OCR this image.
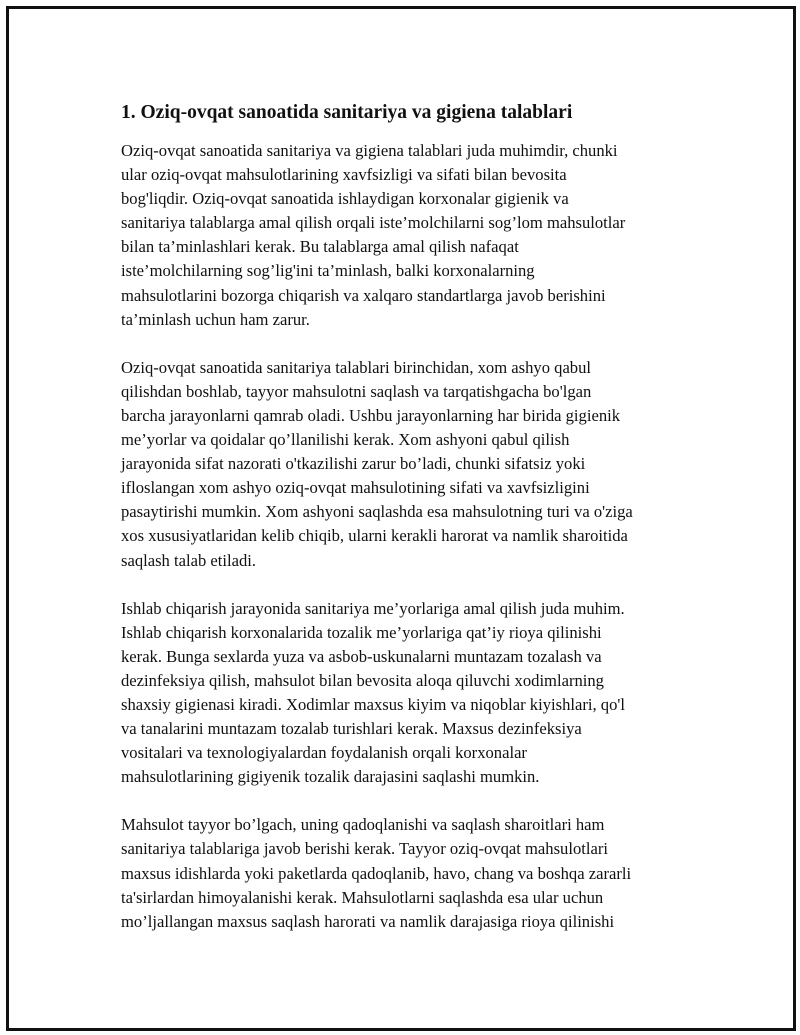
1. Oziq-ovqat sanoatida sanitariya va gigiena talablari

Oziq-ovqat sanoatida sanitariya va gigiena talablari juda muhimdir, chunki
ular oziq-ovqat mahsulotlarining xavfsizligi va sifati bilan bevosita
bog'liqdir. Oziq-ovqat sanoatida ishlaydigan korxonalar gigienik va
sanitariya talablarga amal qilish orqali iste’molchilarni sog’lom mahsulotlar
bilan ta’minlashlari kerak. Bu talablarga amal qilish nafaqat
iste’molchilarning sog’lig'ini ta’minlash, balki korxonalarning
mahsulotlarini bozorga chiqarish va xalqaro standartlarga javob berishini
ta’minlash uchun ham zarur.

Oziq-ovqat sanoatida sanitariya talablari birinchidan, xom ashyo qabul
qilishdan boshlab, tayyor mahsulotni saqlash va tarqatishgacha bo'lgan
barcha jarayonlarni qamrab oladi. Ushbu jarayonlarning har birida gigienik
me’yorlar va qoidalar qo’llanilishi kerak. Xom ashyoni qabul qilish
jarayonida sifat nazorati o'tkazilishi zarur bo’ladi, chunki sifatsiz yoki
ifloslangan xom ashyo oziq-ovqat mahsulotining sifati va xavfsizligini
pasaytirishi mumkin. Xom ashyoni saqlashda esa mahsulotning turi va o'ziga
xos xususiyatlaridan kelib chiqib, ularni kerakli harorat va namlik sharoitida
saqlash talab etiladi.

Ishlab chiqarish jarayonida sanitariya me’yorlariga amal qilish juda muhim.
Ishlab chiqarish korxonalarida tozalik me’yorlariga qat’iy rioya qilinishi
kerak. Bunga sexlarda yuza va asbob-uskunalarni muntazam tozalash va
dezinfeksiya qilish, mahsulot bilan bevosita aloqa qiluvchi xodimlarning
shaxsiy gigienasi kiradi. Xodimlar maxsus kiyim va niqoblar kiyishlari, qo'l
va tanalarini muntazam tozalab turishlari kerak. Maxsus dezinfeksiya
vositalari va texnologiyalardan foydalanish orqali korxonalar
mahsulotlarining gigiyenik tozalik darajasini saqlashi mumkin.

Mahsulot tayyor bo’lgach, uning qadoqlanishi va saqlash sharoitlari ham
sanitariya talablariga javob berishi kerak. Tayyor oziq-ovqat mahsulotlari
maxsus idishlarda yoki paketlarda qadoqlanib, havo, chang va boshqa zararli
ta'sirlardan himoyalanishi kerak. Mahsulotlarni saqlashda esa ular uchun
mo’ljallangan maxsus saqlash harorati va namlik darajasiga rioya qilinishi
